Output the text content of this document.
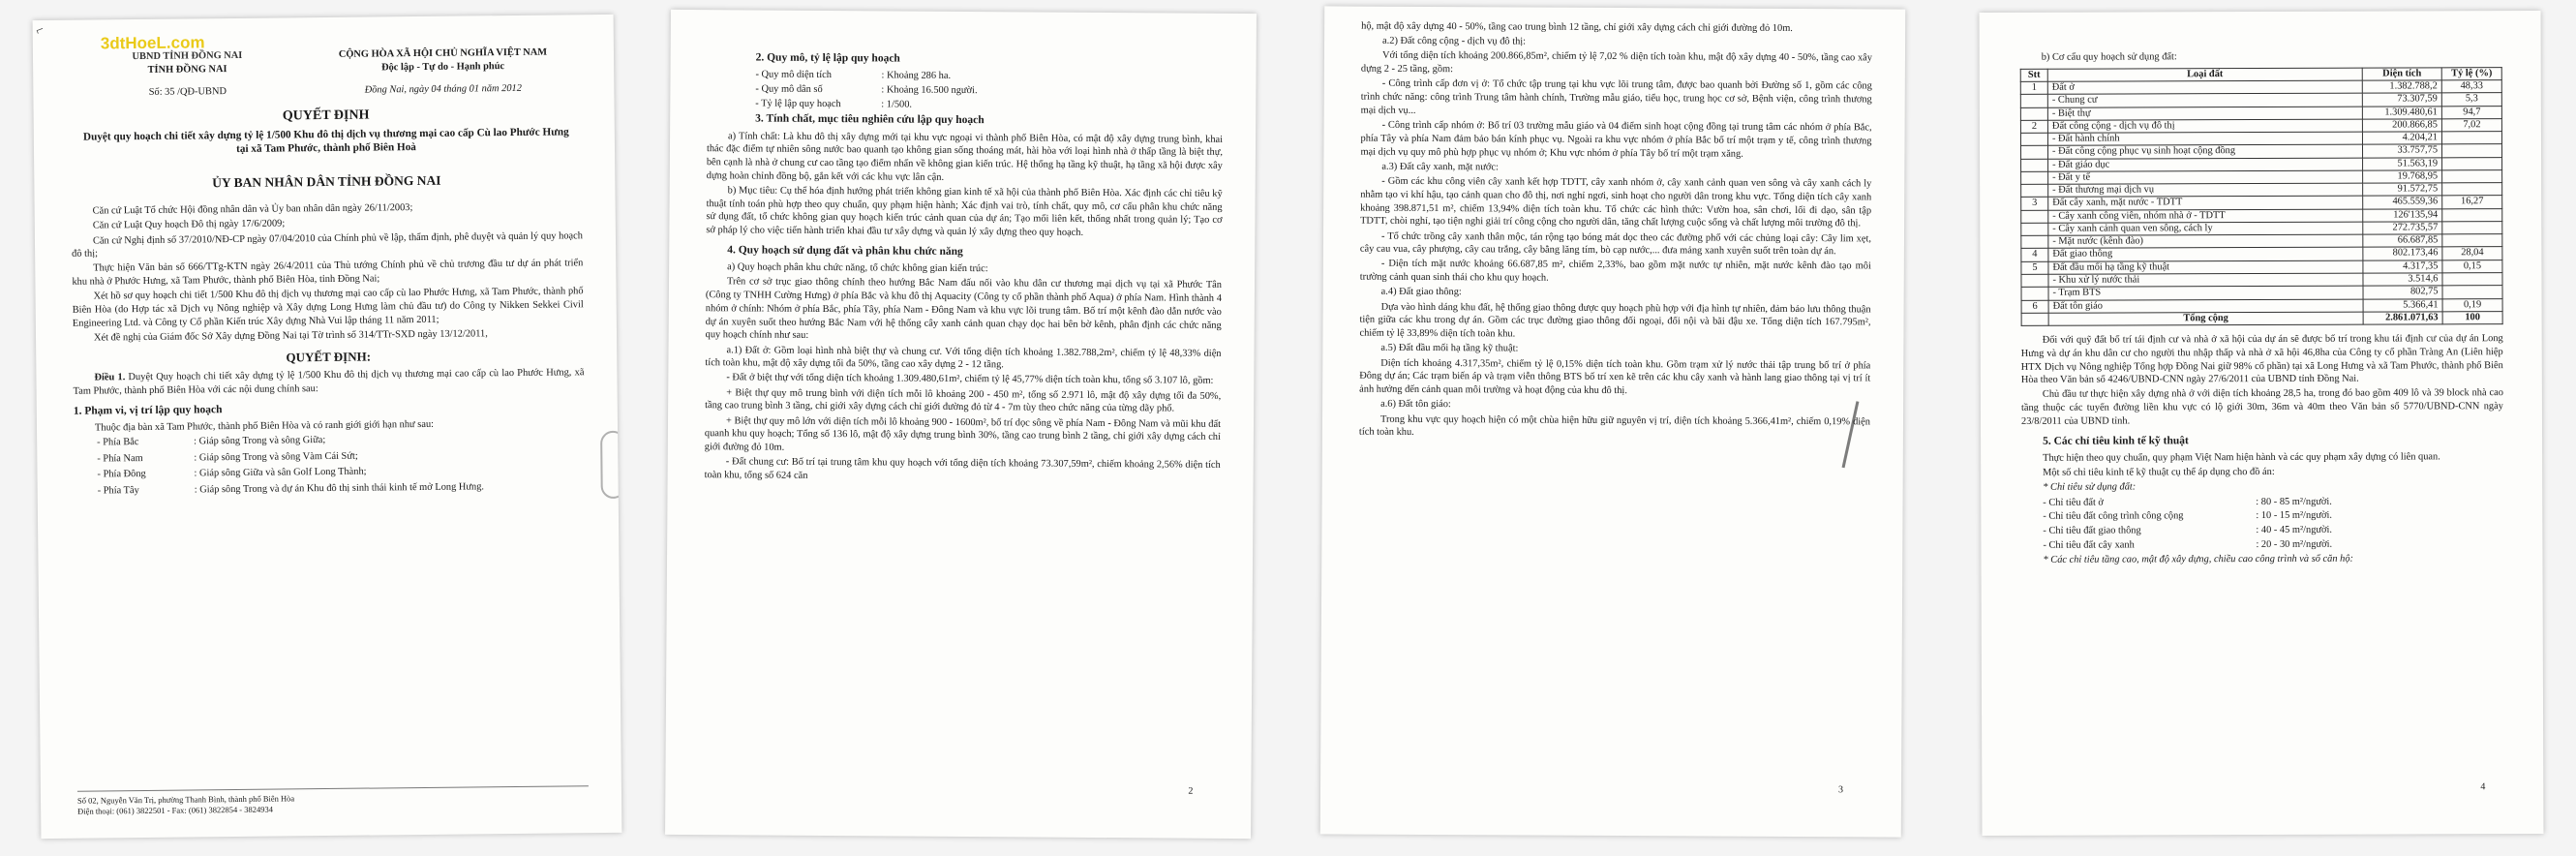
⌐
3dtHoeL.com
UBND TỈNH ĐỒNG NAI	CỘNG HÒA XÃ HỘI CHỦ NGHĨA VIỆT NAM
TỈNH ĐỒNG NAI	Độc lập - Tự do - Hạnh phúc
Số: 35 /QĐ-UBND	Đồng Nai, ngày 04 tháng 01 năm 2012
QUYẾT ĐỊNH
Duyệt quy hoạch chi tiết xây dựng tỷ lệ 1/500 Khu đô thị dịch vụ thương mại cao cấp Cù lao Phước Hưng tại xã Tam Phước, thành phố Biên Hoà
ỦY BAN NHÂN DÂN TỈNH ĐỒNG NAI

Căn cứ Luật Tổ chức Hội đồng nhân dân và Ủy ban nhân dân ngày 26/11/2003;

Căn cứ Luật Quy hoạch Đô thị ngày 17/6/2009;

Căn cứ Nghị định số 37/2010/NĐ-CP ngày 07/04/2010 của Chính phủ về lập, thẩm định, phê duyệt và quản lý quy hoạch đô thị;

Thực hiện Văn bản số 666/TTg-KTN ngày 26/4/2011 của Thủ tướng Chính phủ về chủ trương đầu tư dự án phát triển khu nhà ở Phước Hưng, xã Tam Phước, thành phố Biên Hòa, tỉnh Đồng Nai;

Xét hồ sơ quy hoạch chi tiết 1/500 Khu đô thị dịch vụ thương mại cao cấp cù lao Phước Hưng, xã Tam Phước, thành phố Biên Hòa (do Hợp tác xã Dịch vụ Nông nghiệp và Xây dựng Long Hưng làm chủ đầu tư) do Công ty Nikken Sekkei Civil Engineering Ltd. và Công ty Cổ phần Kiến trúc Xây dựng Nhà Vui lập tháng 11 năm 2011;

Xét đề nghị của Giám đốc Sở Xây dựng Đồng Nai tại Tờ trình số 314/TTr-SXD ngày 13/12/2011,

QUYẾT ĐỊNH:

Điều 1. Duyệt Quy hoạch chi tiết xây dựng tỷ lệ 1/500 Khu đô thị dịch vụ thương mại cao cấp cù lao Phước Hưng, xã Tam Phước, thành phố Biên Hòa với các nội dung chính sau:

1. Phạm vi, vị trí lập quy hoạch

Thuộc địa bàn xã Tam Phước, thành phố Biên Hòa và có ranh giới giới hạn như sau:

- Phía Bắc	: Giáp sông Trong và sông Giữa;
- Phía Nam	: Giáp sông Trong và sông Vàm Cái Sứt;
- Phía Đông	: Giáp sông Giữa và sân Golf Long Thành;
- Phía Tây	: Giáp sông Trong và dự án Khu đô thị sinh thái kinh tế mở Long Hưng.
Số 02, Nguyễn Văn Trị, phường Thanh Bình, thành phố Biên Hòa
Điện thoại: (061) 3822501 - Fax: (061) 3822854 - 3824934
2. Quy mô, tỷ lệ lập quy hoạch
- Quy mô diện tích	: Khoảng 286 ha.
- Quy mô dân số	: Khoảng 16.500 người.
- Tỷ lệ lập quy hoạch	: 1/500.
3. Tính chất, mục tiêu nghiên cứu lập quy hoạch

a) Tính chất: Là khu đô thị xây dựng mới tại khu vực ngoại vi thành phố Biên Hòa, có mật độ xây dựng trung bình, khai thác đặc điểm tự nhiên sông nước bao quanh tạo không gian sống thoáng mát, hài hòa với loại hình nhà ở thấp tầng là biệt thự, bên cạnh là nhà ở chung cư cao tầng tạo điểm nhấn về không gian kiến trúc. Hệ thống hạ tầng kỹ thuật, hạ tầng xã hội được xây dựng hoàn chỉnh đồng bộ, gắn kết với các khu vực lân cận.

b) Mục tiêu: Cụ thể hóa định hướng phát triển không gian kinh tế xã hội của thành phố Biên Hòa. Xác định các chỉ tiêu kỹ thuật tính toán phù hợp theo quy chuẩn, quy phạm hiện hành; Xác định vai trò, tính chất, quy mô, cơ cấu phân khu chức năng sử dụng đất, tổ chức không gian quy hoạch kiến trúc cảnh quan của dự án; Tạo mối liên kết, thống nhất trong quản lý; Tạo cơ sở pháp lý cho việc tiến hành triển khai đầu tư xây dựng và quản lý xây dựng theo quy hoạch.

4. Quy hoạch sử dụng đất và phân khu chức năng

a) Quy hoạch phân khu chức năng, tổ chức không gian kiến trúc:

Trên cơ sở trục giao thông chính theo hướng Bắc Nam đấu nối vào khu dân cư thương mại dịch vụ tại xã Phước Tân (Công ty TNHH Cường Hưng) ở phía Bắc và khu đô thị Aquacity (Công ty cổ phần thành phố Aqua) ở phía Nam. Hình thành 4 nhóm ở chính: Nhóm ở phía Bắc, phía Tây, phía Nam - Đông Nam và khu vực lõi trung tâm. Bố trí một kênh đào dẫn nước vào dự án xuyên suốt theo hướng Bắc Nam với hệ thống cây xanh cảnh quan chạy dọc hai bên bờ kênh, phân định các chức năng quy hoạch chính như sau:

a.1) Đất ở: Gồm loại hình nhà biệt thự và chung cư. Với tổng diện tích khoảng 1.382.788,2m², chiếm tỷ lệ 48,33% diện tích toàn khu, mật độ xây dựng tối đa 50%, tầng cao xây dựng 2 - 12 tầng.

- Đất ở biệt thự với tổng diện tích khoảng 1.309.480,61m², chiếm tỷ lệ 45,77% diện tích toàn khu, tổng số 3.107 lô, gồm:

+ Biệt thự quy mô trung bình với diện tích mỗi lô khoảng 200 - 450 m², tổng số 2.971 lô, mật độ xây dựng tối đa 50%, tầng cao trung bình 3 tầng, chỉ giới xây dựng cách chỉ giới đường đỏ từ 4 - 7m tùy theo chức năng của từng dãy phố.

+ Biệt thự quy mô lớn với diện tích mỗi lô khoảng 900 - 1600m², bố trí dọc sông về phía Nam - Đông Nam và mũi khu đất quanh khu quy hoạch; Tổng số 136 lô, mật độ xây dựng trung bình 30%, tầng cao trung bình 2 tầng, chỉ giới xây dựng cách chỉ giới đường đỏ 10m.

- Đất chung cư: Bố trí tại trung tâm khu quy hoạch với tổng diện tích khoảng 73.307,59m², chiếm khoảng 2,56% diện tích toàn khu, tổng số 624 căn

2

hộ, mật độ xây dựng 40 - 50%, tầng cao trung bình 12 tầng, chỉ giới xây dựng cách chỉ giới đường đỏ 10m.

a.2) Đất công cộng - dịch vụ đô thị:

Với tổng diện tích khoảng 200.866,85m², chiếm tỷ lệ 7,02 % diện tích toàn khu, mật độ xây dựng 40 - 50%, tầng cao xây dựng 2 - 25 tầng, gồm:

- Công trình cấp đơn vị ở: Tổ chức tập trung tại khu vực lõi trung tâm, được bao quanh bởi Đường số 1, gồm các công trình chức năng: công trình Trung tâm hành chính, Trường mẫu giáo, tiểu học, trung học cơ sở, Bệnh viện, công trình thương mại dịch vụ...

- Công trình cấp nhóm ở: Bố trí 03 trường mẫu giáo và 04 điểm sinh hoạt cộng đồng tại trung tâm các nhóm ở phía Bắc, phía Tây và phía Nam đảm bảo bán kính phục vụ. Ngoài ra khu vực nhóm ở phía Bắc bố trí một trạm y tế, công trình thương mại dịch vụ quy mô phù hợp phục vụ nhóm ở; Khu vực nhóm ở phía Tây bố trí một trạm xăng.

a.3) Đất cây xanh, mặt nước:

- Gồm các khu công viên cây xanh kết hợp TDTT, cây xanh nhóm ở, cây xanh cảnh quan ven sông và cây xanh cách ly nhằm tạo vi khí hậu, tạo cảnh quan cho đô thị, nơi nghỉ ngơi, sinh hoạt cho người dân trong khu vực. Tổng diện tích cây xanh khoảng 398.871,51 m², chiếm 13,94% diện tích toàn khu. Tổ chức các hình thức: Vườn hoa, sân chơi, lối đi dạo, sân tập TDTT, chòi nghỉ, tạo tiện nghi giải trí công cộng cho người dân, tăng chất lượng cuộc sống và chất lượng môi trường đô thị.

- Tổ chức trồng cây xanh thân mộc, tán rộng tạo bóng mát dọc theo các đường phố với các chủng loại cây: Cây lim xẹt, cây cau vua, cây phượng, cây cau trắng, cây bằng lăng tím, bò cạp nước,... đưa mảng xanh xuyên suốt trên toàn dự án.

- Diện tích mặt nước khoảng 66.687,85 m², chiếm 2,33%, bao gồm mặt nước tự nhiên, mặt nước kênh đào tạo môi trường cảnh quan sinh thái cho khu quy hoạch.

a.4) Đất giao thông:

Dựa vào hình dáng khu đất, hệ thống giao thông được quy hoạch phù hợp với địa hình tự nhiên, đảm bảo lưu thông thuận tiện giữa các khu trong dự án. Gồm các trục đường giao thông đối ngoại, đối nội và bãi đậu xe. Tổng diện tích 167.795m², chiếm tỷ lệ 33,89% diện tích toàn khu.

a.5) Đất đầu mối hạ tầng kỹ thuật:

Diện tích khoảng 4.317,35m², chiếm tỷ lệ 0,15% diện tích toàn khu. Gồm trạm xử lý nước thải tập trung bố trí ở phía Đông dự án; Các trạm biến áp và trạm viễn thông BTS bố trí xen kẽ trên các khu cây xanh và hành lang giao thông tại vị trí ít ảnh hưởng đến cảnh quan môi trường và hoạt động của khu đô thị.

a.6) Đất tôn giáo:

Trong khu vực quy hoạch hiện có một chùa hiện hữu giữ nguyên vị trí, diện tích khoảng 5.366,41m², chiếm 0,19% diện tích toàn khu.

3

b) Cơ cấu quy hoạch sử dụng đất:

Stt	Loại đất	Diện tích	Tỷ lệ (%)
1	Đất ở	1.382.788,2	48,33
	- Chung cư	73.307,59	5,3
	- Biệt thự	1.309.480,61	94,7
2	Đất công cộng - dịch vụ đô thị	200.866,85	7,02
	- Đất hành chính	4.204,21	
	- Đất công cộng phục vụ sinh hoạt cộng đồng	33.757,75	
	- Đất giáo dục	51.563,19	
	- Đất y tế	19.768,95	
	- Đất thương mại dịch vụ	91.572,75	
3	Đất cây xanh, mặt nước - TDTT	465.559,36	16,27
	- Cây xanh công viên, nhóm nhà ở - TDTT	126'135,94	
	- Cây xanh cảnh quan ven sông, cách ly	272.735,57	
	- Mặt nước (kênh đào)	66.687,85	
4	Đất giao thông	802.173,46	28,04
5	Đất đầu mối hạ tầng kỹ thuật	4.317,35	0,15
	- Khu xử lý nước thải	3.514,6	
	- Trạm BTS	802,75	
6	Đất tôn giáo	5.366,41	0,19
	Tổng cộng	2.861.071,63	100

Đối với quỹ đất bố trí tái định cư và nhà ở xã hội của dự án sẽ được bố trí trong khu tái định cư của dự án Long Hưng và dự án khu dân cư cho người thu nhập thấp và nhà ở xã hội 46,8ha của Công ty cổ phần Tràng An (Liên hiệp HTX Dịch vụ Nông nghiệp Tổng hợp Đồng Nai giữ 98% cổ phần) tại xã Long Hưng và xã Tam Phước, thành phố Biên Hòa theo Văn bản số 4246/UBND-CNN ngày 27/6/2011 của UBND tỉnh Đồng Nai.

Chủ đầu tư thực hiện xây dựng nhà ở với diện tích khoảng 28,5 ha, trong đó bao gồm 409 lô và 39 block nhà cao tầng thuộc các tuyến đường liền khu vực có lộ giới 30m, 36m và 40m theo Văn bản số 5770/UBND-CNN ngày 23/8/2011 của UBND tỉnh.

5. Các chỉ tiêu kinh tế kỹ thuật

Thực hiện theo quy chuẩn, quy phạm Việt Nam hiện hành và các quy phạm xây dựng có liên quan.

Một số chỉ tiêu kinh tế kỹ thuật cụ thể áp dụng cho đồ án:

* Chỉ tiêu sử dụng đất:

- Chỉ tiêu đất ở	: 80 - 85 m²/người.
- Chỉ tiêu đất công trình công cộng	: 10 - 15 m²/người.
- Chỉ tiêu đất giao thông	: 40 - 45 m²/người.
- Chỉ tiêu đất cây xanh	: 20 - 30 m²/người.

* Các chỉ tiêu tầng cao, mật độ xây dựng, chiều cao công trình và số căn hộ:

4
